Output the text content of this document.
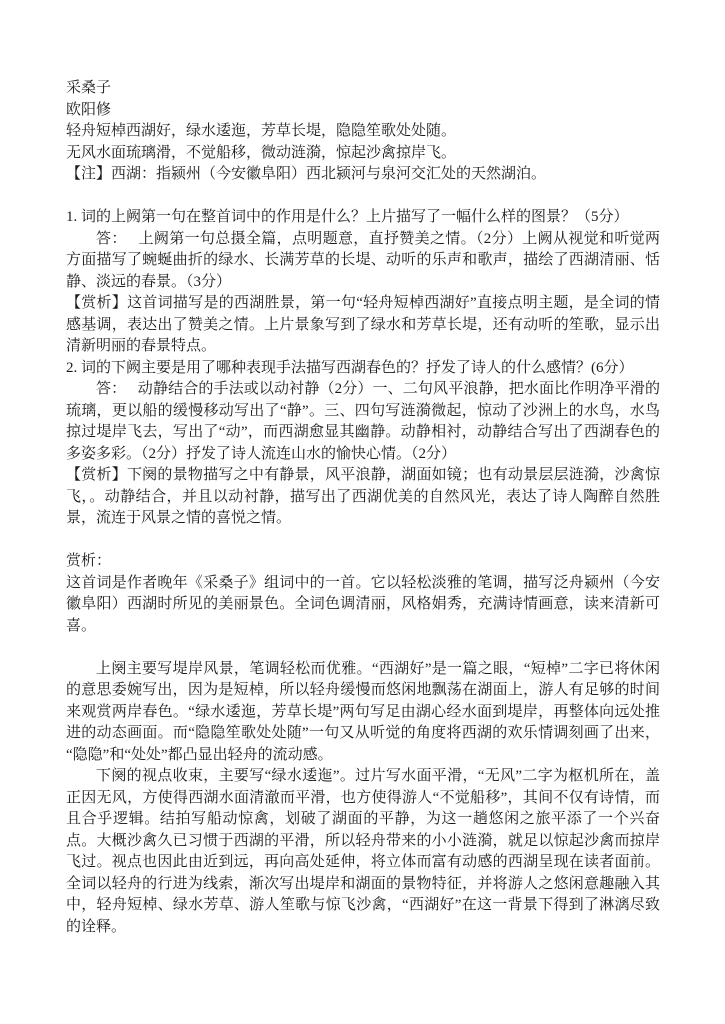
采桑子

欧阳修

轻舟短棹西湖好，绿水逶迤，芳草长堤，隐隐笙歌处处随。

无风水面琉璃滑，不觉船移，微动涟漪，惊起沙禽掠岸飞。

【注】西湖：指颍州（今安徽阜阳）西北颍河与泉河交汇处的天然湖泊。

1. 词的上阙第一句在整首词中的作用是什么？上片描写了一幅什么样的图景？（5分）

答：　 上阙第一句总摄全篇，点明题意，直抒赞美之情。（2分）上阙从视觉和听觉两方面描写了蜿蜒曲折的绿水、长满芳草的长堤、动听的乐声和歌声，描绘了西湖清丽、恬静、淡远的春景。（3分）

【赏析】这首词描写是的西湖胜景，第一句“轻舟短棹西湖好”直接点明主题，是全词的情感基调，表达出了赞美之情。上片景象写到了绿水和芳草长堤，还有动听的笙歌，显示出清新明丽的春景特点。

2. 词的下阙主要是用了哪种表现手法描写西湖春色的？抒发了诗人的什么感情？(6分）

答：　 动静结合的手法或以动衬静（2分）一、二句风平浪静，把水面比作明净平滑的琉璃，更以船的缓慢移动写出了“静”。三、四句写涟漪微起，惊动了沙洲上的水鸟，水鸟掠过堤岸飞去，写出了“动”，而西湖愈显其幽静。动静相衬，动静结合写出了西湖春色的多姿多彩。（2分）抒发了诗人流连山水的愉快心情。（2分）

【赏析】下阕的景物描写之中有静景，风平浪静，湖面如镜；也有动景层层涟漪，沙禽惊飞，。动静结合，并且以动衬静，描写出了西湖优美的自然风光，表达了诗人陶醉自然胜景，流连于风景之情的喜悦之情。

赏析：

这首词是作者晚年《采桑子》组词中的一首。它以轻松淡雅的笔调，描写泛舟颍州（今安徽阜阳）西湖时所见的美丽景色。全词色调清丽，风格娟秀，充满诗情画意，读来清新可喜。

上阕主要写堤岸风景，笔调轻松而优雅。“西湖好”是一篇之眼，“短棹”二字已将休闲的意思委婉写出，因为是短棹，所以轻舟缓慢而悠闲地飘荡在湖面上，游人有足够的时间来观赏两岸春色。“绿水逶迤，芳草长堤”两句写足由湖心经水面到堤岸，再整体向远处推进的动态画面。而“隐隐笙歌处处随”一句又从听觉的角度将西湖的欢乐情调刻画了出来，“隐隐”和“处处”都凸显出轻舟的流动感。

下阕的视点收束，主要写“绿水逶迤”。过片写水面平滑，“无风”二字为枢机所在，盖正因无风，方使得西湖水面清澈而平滑，也方使得游人“不觉船移”，其间不仅有诗情，而且合乎逻辑。结拍写船动惊禽，划破了湖面的平静，为这一趟悠闲之旅平添了一个兴奋点。大概沙禽久已习惯于西湖的平滑，所以轻舟带来的小小涟漪，就足以惊起沙禽而掠岸飞过。视点也因此由近到远，再向高处延伸，将立体而富有动感的西湖呈现在读者面前。全词以轻舟的行进为线索，渐次写出堤岸和湖面的景物特征，并将游人之悠闲意趣融入其中，轻舟短棹、绿水芳草、游人笙歌与惊飞沙禽，“西湖好”在这一背景下得到了淋漓尽致的诠释。
